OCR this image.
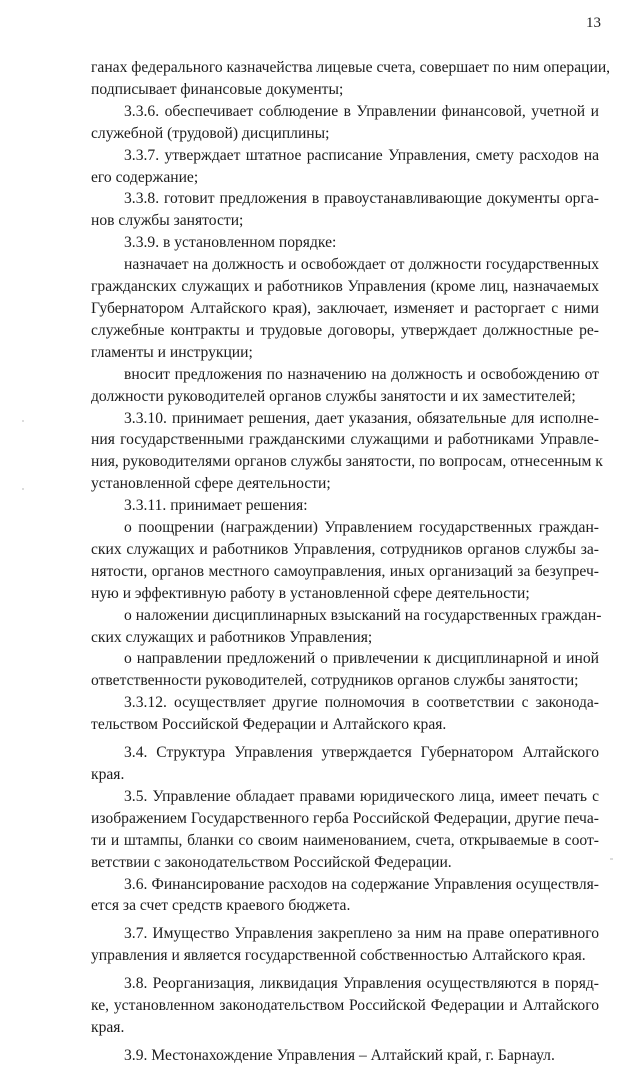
13

ганах федерального казначейства лицевые счета, совершает по ним операции,
подписывает финансовые документы;

3.3.6. обеспечивает соблюдение в Управлении финансовой, учетной и
служебной (трудовой) дисциплины;

3.3.7. утверждает штатное расписание Управления, смету расходов на
его содержание;

3.3.8. готовит предложения в правоустанавливающие документы орга-
нов службы занятости;

3.3.9. в установленном порядке:

назначает на должность и освобождает от должности государственных
гражданских служащих и работников Управления (кроме лиц, назначаемых
Губернатором Алтайского края), заключает, изменяет и расторгает с ними
служебные контракты и трудовые договоры, утверждает должностные ре-
гламенты и инструкции;

вносит предложения по назначению на должность и освобождению от
должности руководителей органов службы занятости и их заместителей;

3.3.10. принимает решения, дает указания, обязательные для исполне-
ния государственными гражданскими служащими и работниками Управле-
ния, руководителями органов службы занятости, по вопросам, отнесенным к
установленной сфере деятельности;

3.3.11. принимает решения:

о поощрении (награждении) Управлением государственных граждан-
ских служащих и работников Управления, сотрудников органов службы за-
нятости, органов местного самоуправления, иных организаций за безупреч-
ную и эффективную работу в установленной сфере деятельности;

о наложении дисциплинарных взысканий на государственных граждан-
ских служащих и работников Управления;

о направлении предложений о привлечении к дисциплинарной и иной
ответственности руководителей, сотрудников органов службы занятости;

3.3.12. осуществляет другие полномочия в соответствии с законода-
тельством Российской Федерации и Алтайского края.

3.4. Структура Управления утверждается Губернатором Алтайского
края.

3.5. Управление обладает правами юридического лица, имеет печать с
изображением Государственного герба Российской Федерации, другие печа-
ти и штампы, бланки со своим наименованием, счета, открываемые в соот-
ветствии с законодательством Российской Федерации.

3.6. Финансирование расходов на содержание Управления осуществля-
ется за счет средств краевого бюджета.

3.7. Имущество Управления закреплено за ним на праве оперативного
управления и является государственной собственностью Алтайского края.

3.8. Реорганизация, ликвидация Управления осуществляются в поряд-
ке, установленном законодательством Российской Федерации и Алтайского
края.

3.9. Местонахождение Управления – Алтайский край, г. Барнаул.
